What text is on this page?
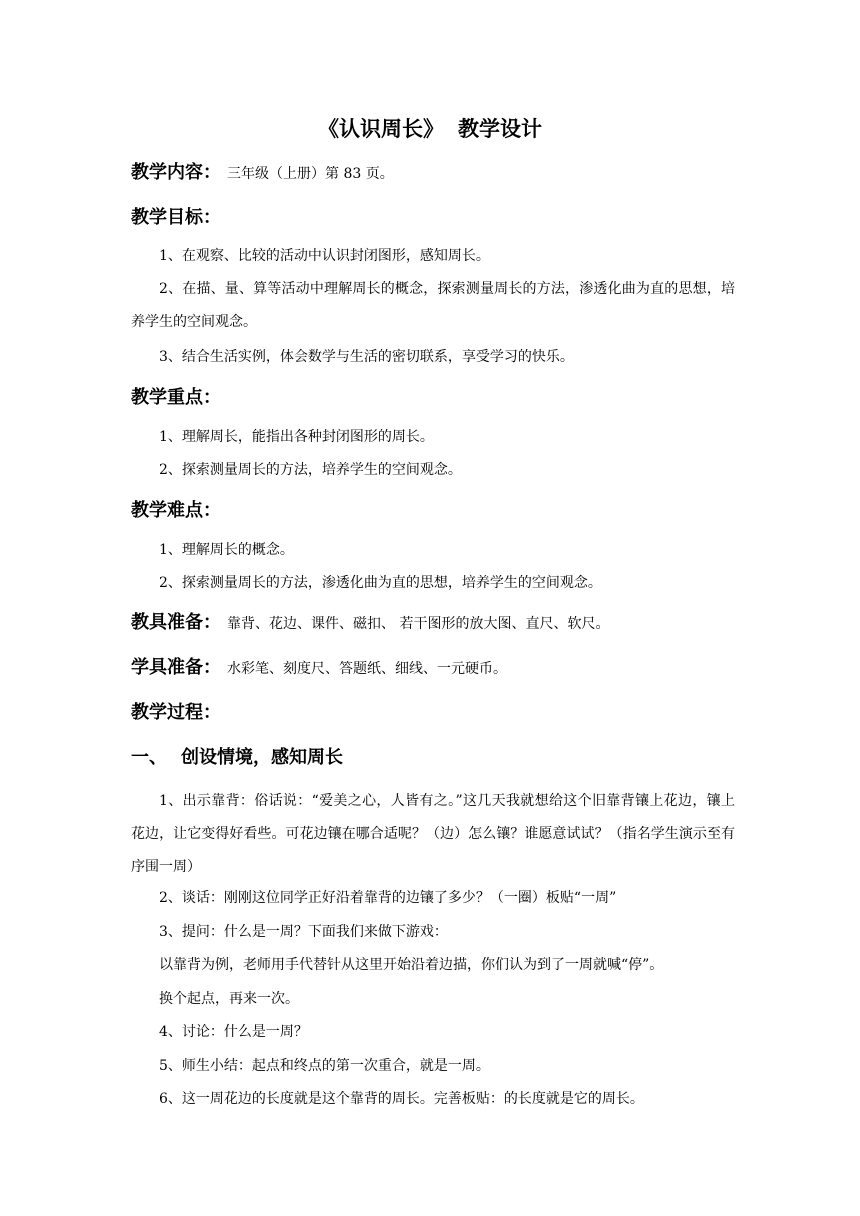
《认识周长》 教学设计
教学内容： 三年级（上册）第 83 页。
教学目标：
1、在观察、比较的活动中认识封闭图形，感知周长。
2、在描、量、算等活动中理解周长的概念，探索测量周长的方法，渗透化曲为直的思想，培养学生的空间观念。
3、结合生活实例，体会数学与生活的密切联系，享受学习的快乐。
教学重点：
1、理解周长，能指出各种封闭图形的周长。
2、探索测量周长的方法，培养学生的空间观念。
教学难点：
1、理解周长的概念。
2、探索测量周长的方法，渗透化曲为直的思想，培养学生的空间观念。
教具准备： 靠背、花边、课件、磁扣、 若干图形的放大图、直尺、软尺。
学具准备： 水彩笔、刻度尺、答题纸、细线、一元硬币。
教学过程：
一、 创设情境，感知周长
1、出示靠背：俗话说：“爱美之心，人皆有之。”这几天我就想给这个旧靠背镶上花边，镶上花边，让它变得好看些。可花边镶在哪合适呢？（边）怎么镶？谁愿意试试？（指名学生演示至有序围一周）
2、谈话：刚刚这位同学正好沿着靠背的边镶了多少？（一圈）板贴“一周”
3、提问：什么是一周？下面我们来做下游戏：
以靠背为例，老师用手代替针从这里开始沿着边描，你们认为到了一周就喊“停”。
换个起点，再来一次。
4、讨论：什么是一周？
5、师生小结：起点和终点的第一次重合，就是一周。
6、这一周花边的长度就是这个靠背的周长。完善板贴：的长度就是它的周长。
